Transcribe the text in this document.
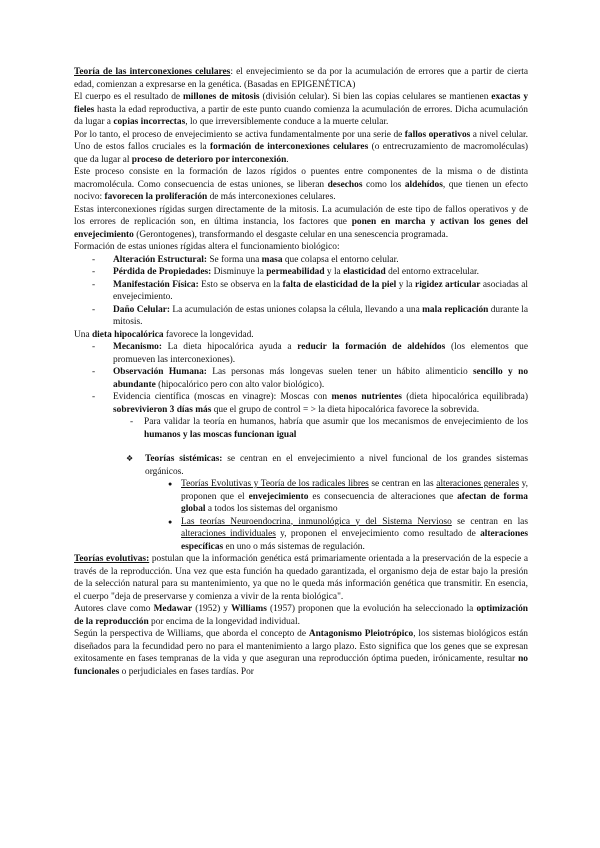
Teoría de las interconexiones celulares: el envejecimiento se da por la acumulación de errores que a partir de cierta edad, comienzan a expresarse en la genética. (Basadas en EPIGENÉTICA)

El cuerpo es el resultado de millones de mitosis (división celular). Si bien las copias celulares se mantienen exactas y fieles hasta la edad reproductiva, a partir de este punto cuando comienza la acumulación de errores. Dicha acumulación da lugar a copias incorrectas, lo que irreversiblemente conduce a la muerte celular.

Por lo tanto, el proceso de envejecimiento se activa fundamentalmente por una serie de fallos operativos a nivel celular. Uno de estos fallos cruciales es la formación de interconexiones celulares (o entrecruzamiento de macromoléculas) que da lugar al proceso de deterioro por interconexión.

Este proceso consiste en la formación de lazos rígidos o puentes entre componentes de la misma o de distinta macromolécula. Como consecuencia de estas uniones, se liberan desechos como los aldehídos, que tienen un efecto nocivo: favorecen la proliferación de más interconexiones celulares.

Estas interconexiones rígidas surgen directamente de la mitosis. La acumulación de este tipo de fallos operativos y de los errores de replicación son, en última instancia, los factores que ponen en marcha y activan los genes del envejecimiento (Gerontogenes), transformando el desgaste celular en una senescencia programada.

Formación de estas uniones rígidas altera el funcionamiento biológico:

- Alteración Estructural: Se forma una masa que colapsa el entorno celular.
- Pérdida de Propiedades: Disminuye la permeabilidad y la elasticidad del entorno extracelular.
- Manifestación Física: Esto se observa en la falta de elasticidad de la piel y la rigidez articular asociadas al envejecimiento.
- Daño Celular: La acumulación de estas uniones colapsa la célula, llevando a una mala replicación durante la mitosis.

Una dieta hipocalórica favorece la longevidad.

- Mecanismo: La dieta hipocalórica ayuda a reducir la formación de aldehídos (los elementos que promueven las interconexiones).
- Observación Humana: Las personas más longevas suelen tener un hábito alimenticio sencillo y no abundante (hipocalórico pero con alto valor biológico).
- Evidencia científica (moscas en vinagre): Moscas con menos nutrientes (dieta hipocalórica equilibrada) sobrevivieron 3 días más que el grupo de control = > la dieta hipocalórica favorece la sobrevida.
- Para validar la teoría en humanos, habría que asumir que los mecanismos de envejecimiento de los humanos y las moscas funcionan igual
❖ Teorías sistémicas: se centran en el envejecimiento a nivel funcional de los grandes sistemas orgánicos.
● Teorías Evolutivas y Teoría de los radicales libres se centran en las alteraciones generales y, proponen que el envejecimiento es consecuencia de alteraciones que afectan de forma global a todos los sistemas del organismo
● Las teorías Neuroendocrina, inmunológica y del Sistema Nervioso se centran en las alteraciones individuales y, proponen el envejecimiento como resultado de alteraciones específicas en uno o más sistemas de regulación.

Teorías evolutivas: postulan que la información genética está primariamente orientada a la preservación de la especie a través de la reproducción. Una vez que esta función ha quedado garantizada, el organismo deja de estar bajo la presión de la selección natural para su mantenimiento, ya que no le queda más información genética que transmitir. En esencia, el cuerpo "deja de preservarse y comienza a vivir de la renta biológica".

Autores clave como Medawar (1952) y Williams (1957) proponen que la evolución ha seleccionado la optimización de la reproducción por encima de la longevidad individual.

Según la perspectiva de Williams, que aborda el concepto de Antagonismo Pleiotrópico, los sistemas biológicos están diseñados para la fecundidad pero no para el mantenimiento a largo plazo. Esto significa que los genes que se expresan exitosamente en fases tempranas de la vida y que aseguran una reproducción óptima pueden, irónicamente, resultar no funcionales o perjudiciales en fases tardías. Por
